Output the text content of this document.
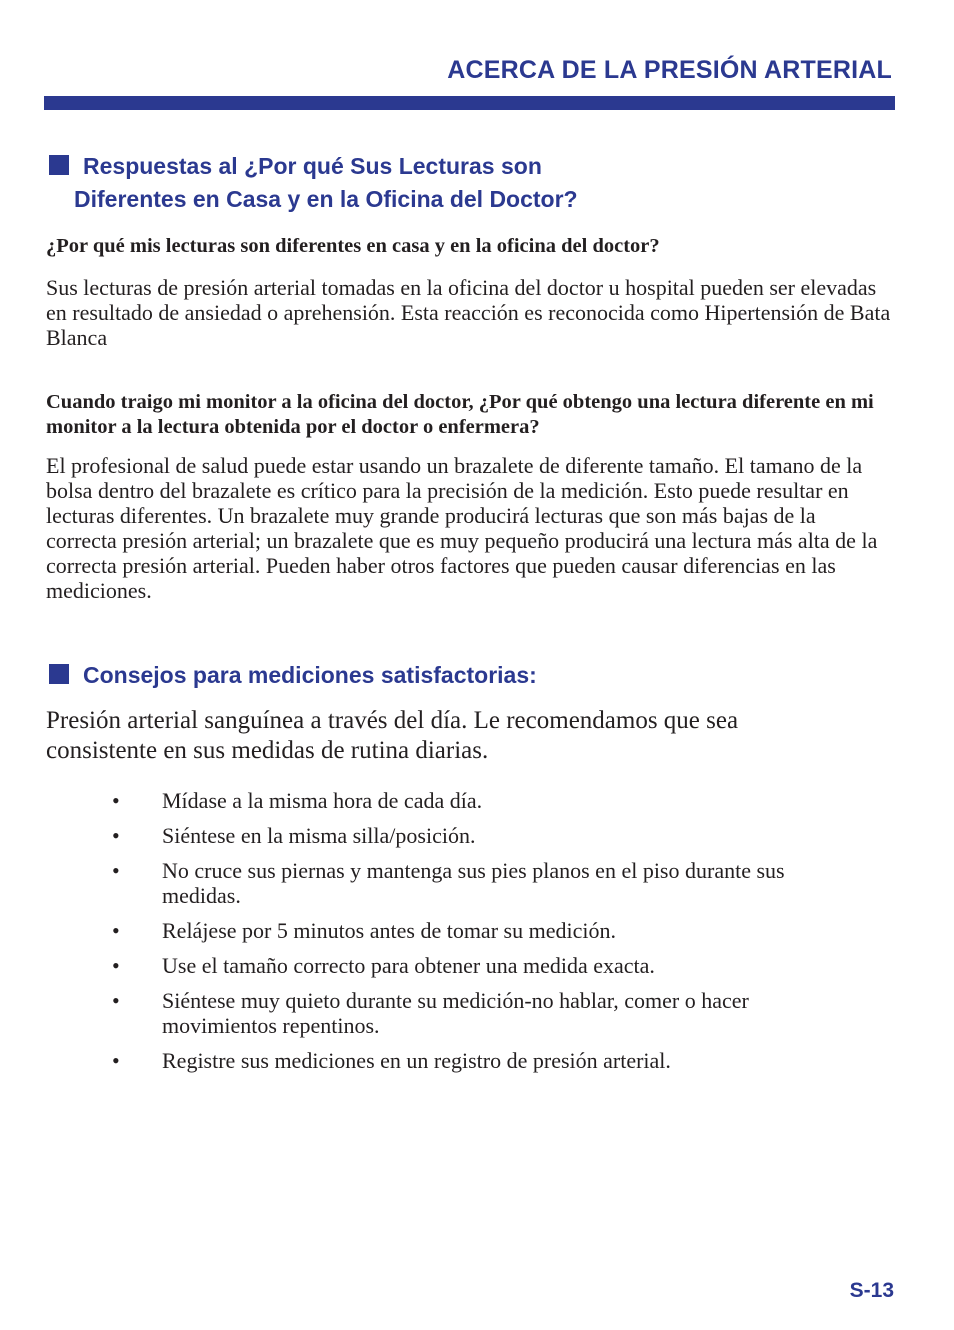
ACERCA DE LA PRESIÓN ARTERIAL
Respuestas al ¿Por qué Sus Lecturas son
Diferentes en Casa y en la Oficina del Doctor?
¿Por qué mis lecturas son diferentes en casa y en la oficina del doctor?
Sus lecturas de presión arterial tomadas en la oficina del doctor u hospital pueden ser elevadas en resultado de ansiedad o aprehensión. Esta reacción es reconocida como Hipertensión de Bata Blanca
Cuando traigo mi monitor a la oficina del doctor, ¿Por qué obtengo una lectura diferente en mi monitor a la lectura obtenida por el doctor o enfermera?
El profesional de salud puede estar usando un brazalete de diferente tamaño. El tamano de la bolsa dentro del brazalete es crítico para la precisión de la medición. Esto puede resultar en lecturas diferentes. Un brazalete muy grande producirá lecturas que son más bajas de la correcta presión arterial; un brazalete que es muy pequeño producirá una lectura más alta de la correcta presión arterial. Pueden haber otros factores que pueden causar diferencias en las mediciones.
Consejos para mediciones satisfactorias:
Presión arterial sanguínea a través del día. Le recomendamos que sea consistente en sus medidas de rutina diarias.
• Mídase a la misma hora de cada día.
• Siéntese en la misma silla/posición.
• No cruce sus piernas y mantenga sus pies planos en el piso durante sus medidas.
• Relájese por 5 minutos antes de tomar su medición.
• Use el tamaño correcto para obtener una medida exacta.
• Siéntese muy quieto durante su medición-no hablar, comer o hacer movimientos repentinos.
• Registre sus mediciones en un registro de presión arterial.
S-13
